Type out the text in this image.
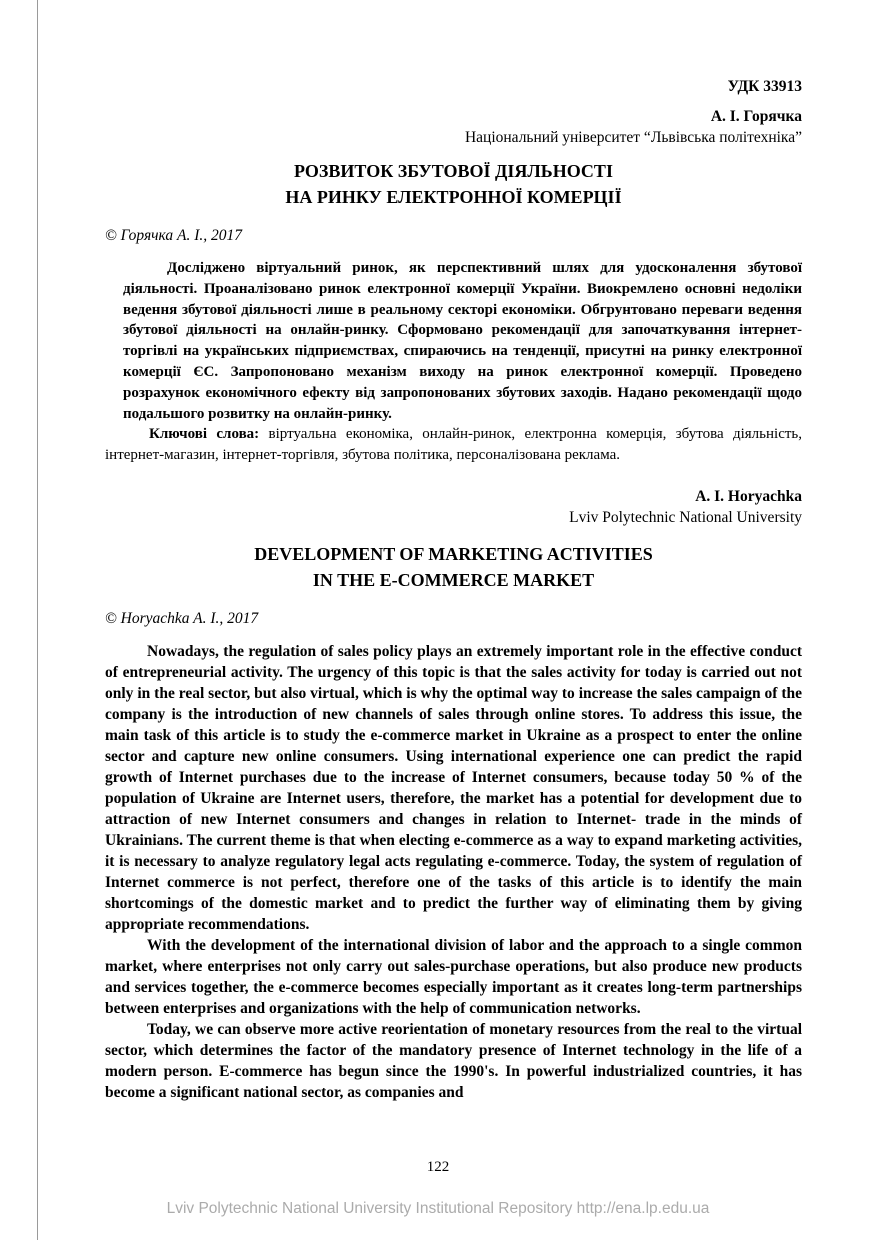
УДК 33913
А. І. Горячка
Національний університет “Львівська політехніка”
РОЗВИТОК ЗБУТОВОЇ ДІЯЛЬНОСТІ
НА РИНКУ ЕЛЕКТРОННОЇ КОМЕРЦІЇ
© Горячка А. І., 2017

Досліджено віртуальний ринок, як перспективний шлях для удосконалення збутової діяльності. Проаналізовано ринок електронної комерції України. Виокремлено основні недоліки ведення збутової діяльності лише в реальному секторі економіки. Обгрунтовано переваги ведення збутової діяльності на онлайн-ринку. Сформовано рекомендації для започаткування інтернет-торгівлі на українських підприємствах, спираючись на тенденції, присутні на ринку електронної комерції ЄС. Запропоновано механізм виходу на ринок електронної комерції. Проведено розрахунок економічного ефекту від запропонованих збутових заходів. Надано рекомендації щодо подальшого розвитку на онлайн-ринку.

Ключові слова: віртуальна економіка, онлайн-ринок, електронна комерція, збутова діяльність, інтернет-магазин, інтернет-торгівля, збутова політика, персоналізована реклама.

A. I. Horyachka
Lviv Polytechnic National University
DEVELOPMENT OF MARKETING ACTIVITIES
IN THE E-COMMERCE MARKET
© Horyachka A. I., 2017

Nowadays, the regulation of sales policy plays an extremely important role in the effective conduct of entrepreneurial activity. The urgency of this topic is that the sales activity for today is carried out not only in the real sector, but also virtual, which is why the optimal way to increase the sales campaign of the company is the introduction of new channels of sales through online stores. To address this issue, the main task of this article is to study the e-commerce market in Ukraine as a prospect to enter the online sector and capture new online consumers. Using international experience one can predict the rapid growth of Internet purchases due to the increase of Internet consumers, because today 50 % of the population of Ukraine are Internet users, therefore, the market has a potential for development due to attraction of new Internet consumers and changes in relation to Internet- trade in the minds of Ukrainians. The current theme is that when electing e-commerce as a way to expand marketing activities, it is necessary to analyze regulatory legal acts regulating e-commerce. Today, the system of regulation of Internet commerce is not perfect, therefore one of the tasks of this article is to identify the main shortcomings of the domestic market and to predict the further way of eliminating them by giving appropriate recommendations.

With the development of the international division of labor and the approach to a single common market, where enterprises not only carry out sales-purchase operations, but also produce new products and services together, the e-commerce becomes especially important as it creates long-term partnerships between enterprises and organizations with the help of communication networks.

Today, we can observe more active reorientation of monetary resources from the real to the virtual sector, which determines the factor of the mandatory presence of Internet technology in the life of a modern person. E-commerce has begun since the 1990's. In powerful industrialized countries, it has become a significant national sector, as companies and

122
Lviv Polytechnic National University Institutional Repository http://ena.lp.edu.ua
